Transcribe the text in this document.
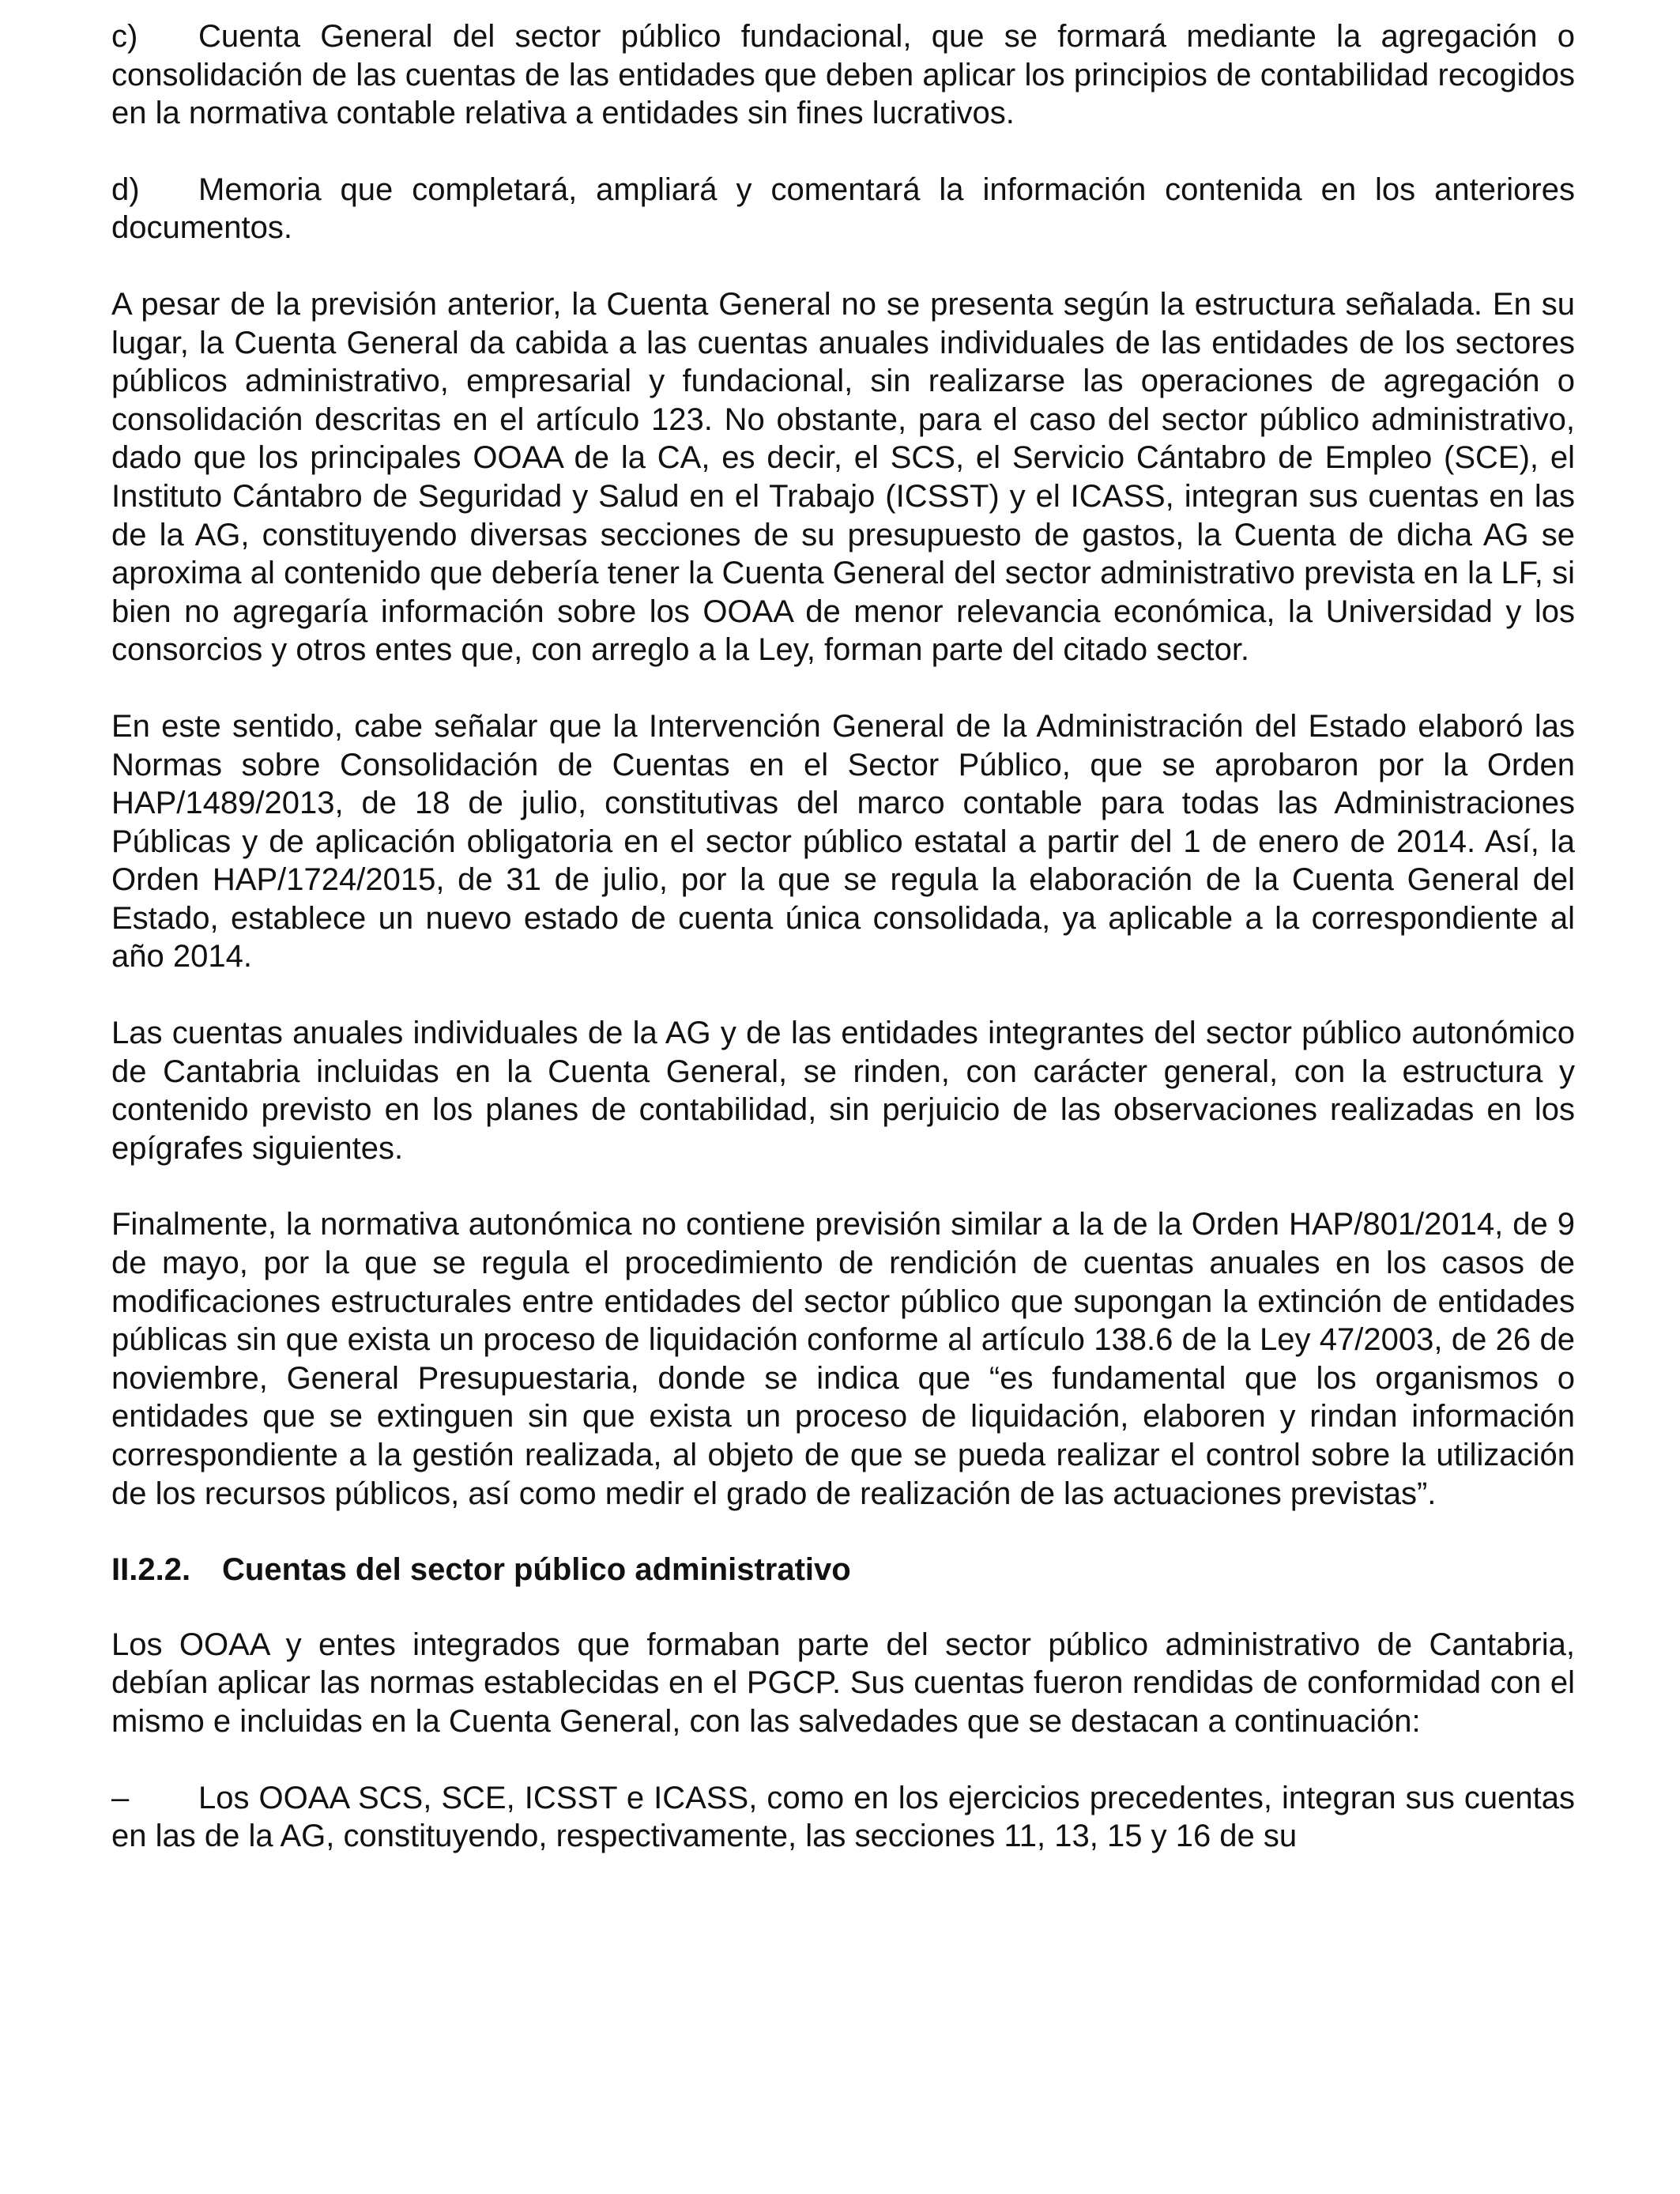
c) Cuenta General del sector público fundacional, que se formará mediante la agregación o consolidación de las cuentas de las entidades que deben aplicar los principios de contabilidad recogidos en la normativa contable relativa a entidades sin fines lucrativos.

d) Memoria que completará, ampliará y comentará la información contenida en los anteriores documentos.

A pesar de la previsión anterior, la Cuenta General no se presenta según la estructura señalada. En su lugar, la Cuenta General da cabida a las cuentas anuales individuales de las entidades de los sectores públicos administrativo, empresarial y fundacional, sin realizarse las operaciones de agregación o consolidación descritas en el artículo 123. No obstante, para el caso del sector público administrativo, dado que los principales OOAA de la CA, es decir, el SCS, el Servicio Cántabro de Empleo (SCE), el Instituto Cántabro de Seguridad y Salud en el Trabajo (ICSST) y el ICASS, integran sus cuentas en las de la AG, constituyendo diversas secciones de su presupuesto de gastos, la Cuenta de dicha AG se aproxima al contenido que debería tener la Cuenta General del sector administrativo prevista en la LF, si bien no agregaría información sobre los OOAA de menor relevancia económica, la Universidad y los consorcios y otros entes que, con arreglo a la Ley, forman parte del citado sector.

En este sentido, cabe señalar que la Intervención General de la Administración del Estado elaboró las Normas sobre Consolidación de Cuentas en el Sector Público, que se aprobaron por la Orden HAP/1489/2013, de 18 de julio, constitutivas del marco contable para todas las Administraciones Públicas y de aplicación obligatoria en el sector público estatal a partir del 1 de enero de 2014. Así, la Orden HAP/1724/2015, de 31 de julio, por la que se regula la elaboración de la Cuenta General del Estado, establece un nuevo estado de cuenta única consolidada, ya aplicable a la correspondiente al año 2014.

Las cuentas anuales individuales de la AG y de las entidades integrantes del sector público autonómico de Cantabria incluidas en la Cuenta General, se rinden, con carácter general, con la estructura y contenido previsto en los planes de contabilidad, sin perjuicio de las observaciones realizadas en los epígrafes siguientes.

Finalmente, la normativa autonómica no contiene previsión similar a la de la Orden HAP/801/2014, de 9 de mayo, por la que se regula el procedimiento de rendición de cuentas anuales en los casos de modificaciones estructurales entre entidades del sector público que supongan la extinción de entidades públicas sin que exista un proceso de liquidación conforme al artículo 138.6 de la Ley 47/2003, de 26 de noviembre, General Presupuestaria, donde se indica que “es fundamental que los organismos o entidades que se extinguen sin que exista un proceso de liquidación, elaboren y rindan información correspondiente a la gestión realizada, al objeto de que se pueda realizar el control sobre la utilización de los recursos públicos, así como medir el grado de realización de las actuaciones previstas”.

II.2.2. Cuentas del sector público administrativo

Los OOAA y entes integrados que formaban parte del sector público administrativo de Cantabria, debían aplicar las normas establecidas en el PGCP. Sus cuentas fueron rendidas de conformidad con el mismo e incluidas en la Cuenta General, con las salvedades que se destacan a continuación:

– Los OOAA SCS, SCE, ICSST e ICASS, como en los ejercicios precedentes, integran sus cuentas en las de la AG, constituyendo, respectivamente, las secciones 11, 13, 15 y 16 de su
